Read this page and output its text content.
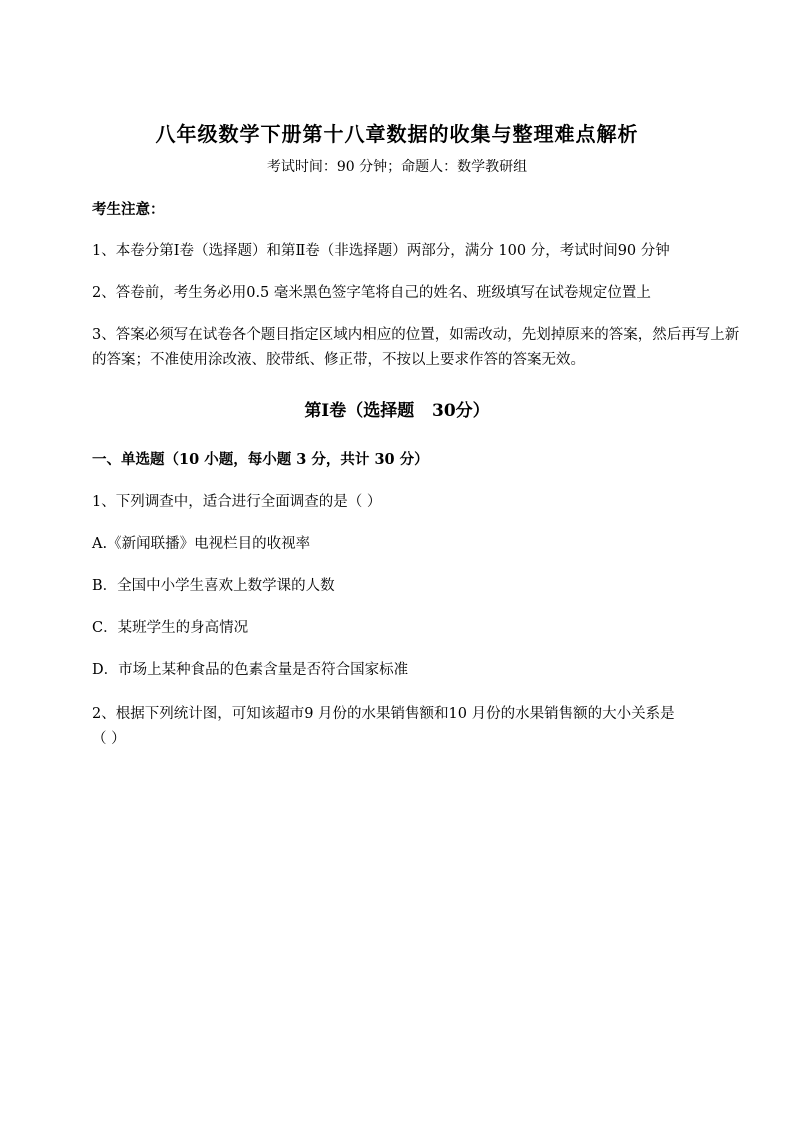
八年级数学下册第十八章数据的收集与整理难点解析
考试时间：90 分钟；命题人：数学教研组
考生注意：
1、本卷分第Ⅰ卷（选择题）和第Ⅱ卷（非选择题）两部分，满分 100 分，考试时间90 分钟
2、答卷前，考生务必用0.5 毫米黑色签字笔将自己的姓名、班级填写在试卷规定位置上
3、答案必须写在试卷各个题目指定区域内相应的位置，如需改动，先划掉原来的答案，然后再写上新
的答案；不准使用涂改液、胶带纸、修正带，不按以上要求作答的答案无效。
第Ⅰ卷（选择题   30分）
一、单选题（10 小题，每小题 3 分，共计 30 分）
1、下列调查中，适合进行全面调查的是（ ）
A.《新闻联播》电视栏目的收视率
B．全国中小学生喜欢上数学课的人数
C．某班学生的身高情况
D．市场上某种食品的色素含量是否符合国家标准
2、根据下列统计图，可知该超市9 月份的水果销售额和10 月份的水果销售额的大小关系是
（ ）
